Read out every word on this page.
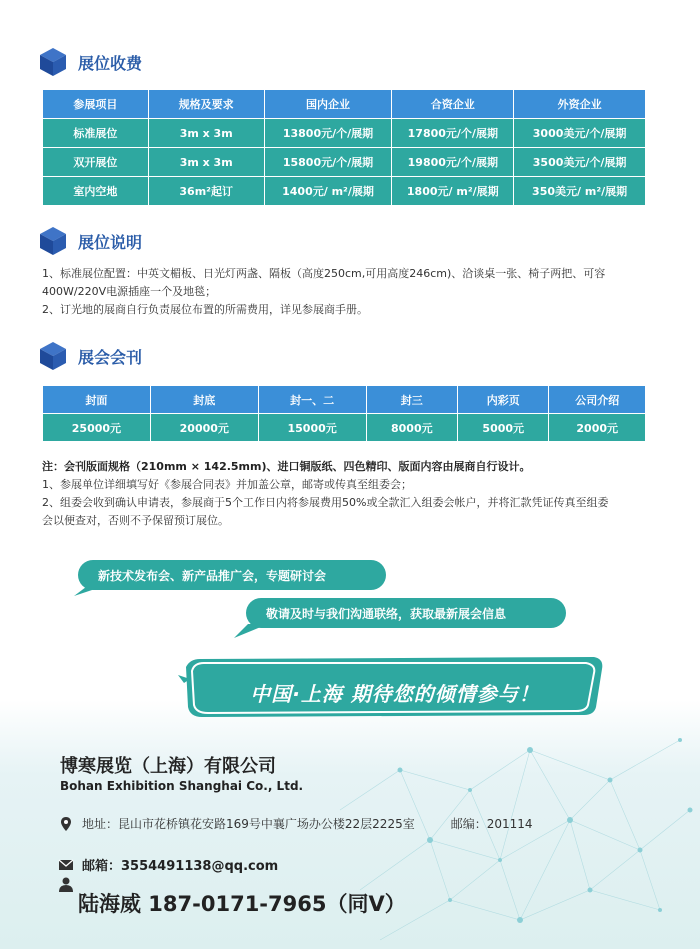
展位收费
参展项目	规格及要求	国内企业	合资企业	外资企业
标准展位	3m x 3m	13800元/个/展期	17800元/个/展期	3000美元/个/展期
双开展位	3m x 3m	15800元/个/展期	19800元/个/展期	3500美元/个/展期
室内空地	36m²起订	1400元/ m²/展期	1800元/ m²/展期	350美元/ m²/展期
展位说明
1、标准展位配置：中英文楣板、日光灯两盏、隔板（高度250cm,可用高度246cm)、洽谈桌一张、椅子两把、可容
400W/220V电源插座一个及地毯；
2、订光地的展商自行负责展位布置的所需费用，详见参展商手册。
展会会刊
封面	封底	封一、二	封三	内彩页	公司介绍
25000元	20000元	15000元	8000元	5000元	2000元
注：会刊版面规格（210mm × 142.5mm)、进口铜版纸、四色精印、版面内容由展商自行设计。
1、参展单位详细填写好《参展合同表》并加盖公章，邮寄或传真至组委会；
2、组委会收到确认申请表，参展商于5个工作日内将参展费用50%或全款汇入组委会帐户，并将汇款凭证传真至组委
会以便查对，否则不予保留预订展位。
新技术发布会、新产品推广会，专题研讨会
敬请及时与我们沟通联络，获取最新展会信息
中国·上海 期待您的倾情参与！
博寒展览（上海）有限公司
Bohan Exhibition Shanghai Co., Ltd.
地址：昆山市花桥镇花安路169号中襄广场办公楼22层2225室	邮编：201114
邮箱：3554491138@qq.com
陆海威 187-0171-7965（同V）
